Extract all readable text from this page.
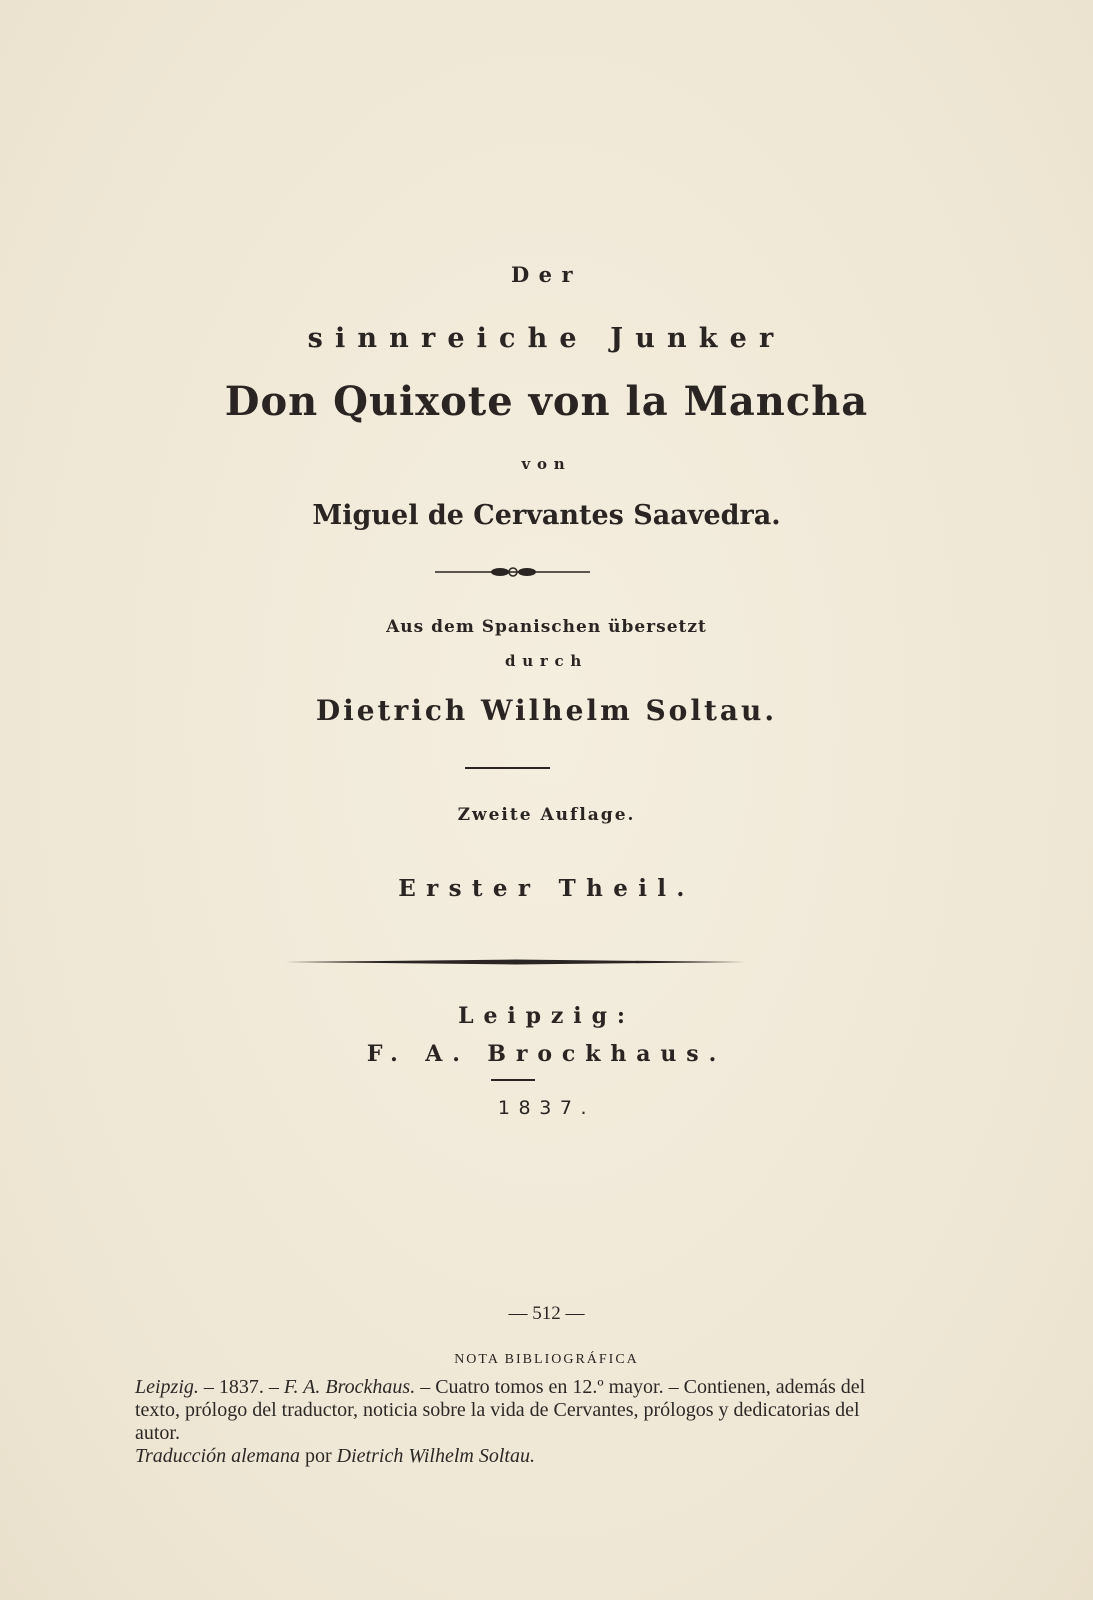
Der
sinnreiche Junker
Don Quixote von la Mancha
von
Miguel de Cervantes Saavedra.
Aus dem Spanischen übersetzt
durch
Dietrich Wilhelm Soltau.
Zweite Auflage.
Erster Theil.
Leipzig:
F. A. Brockhaus.
1837.
— 512 —
NOTA BIBLIOGRÁFICA
Leipzig. – 1837. – F. A. Brockhaus. – Cuatro tomos en 12.º mayor. – Contienen, además del texto, prólogo del traductor, noticia sobre la vida de Cervantes, prólogos y dedicatorias del autor.
Traducción alemana por Dietrich Wilhelm Soltau.
